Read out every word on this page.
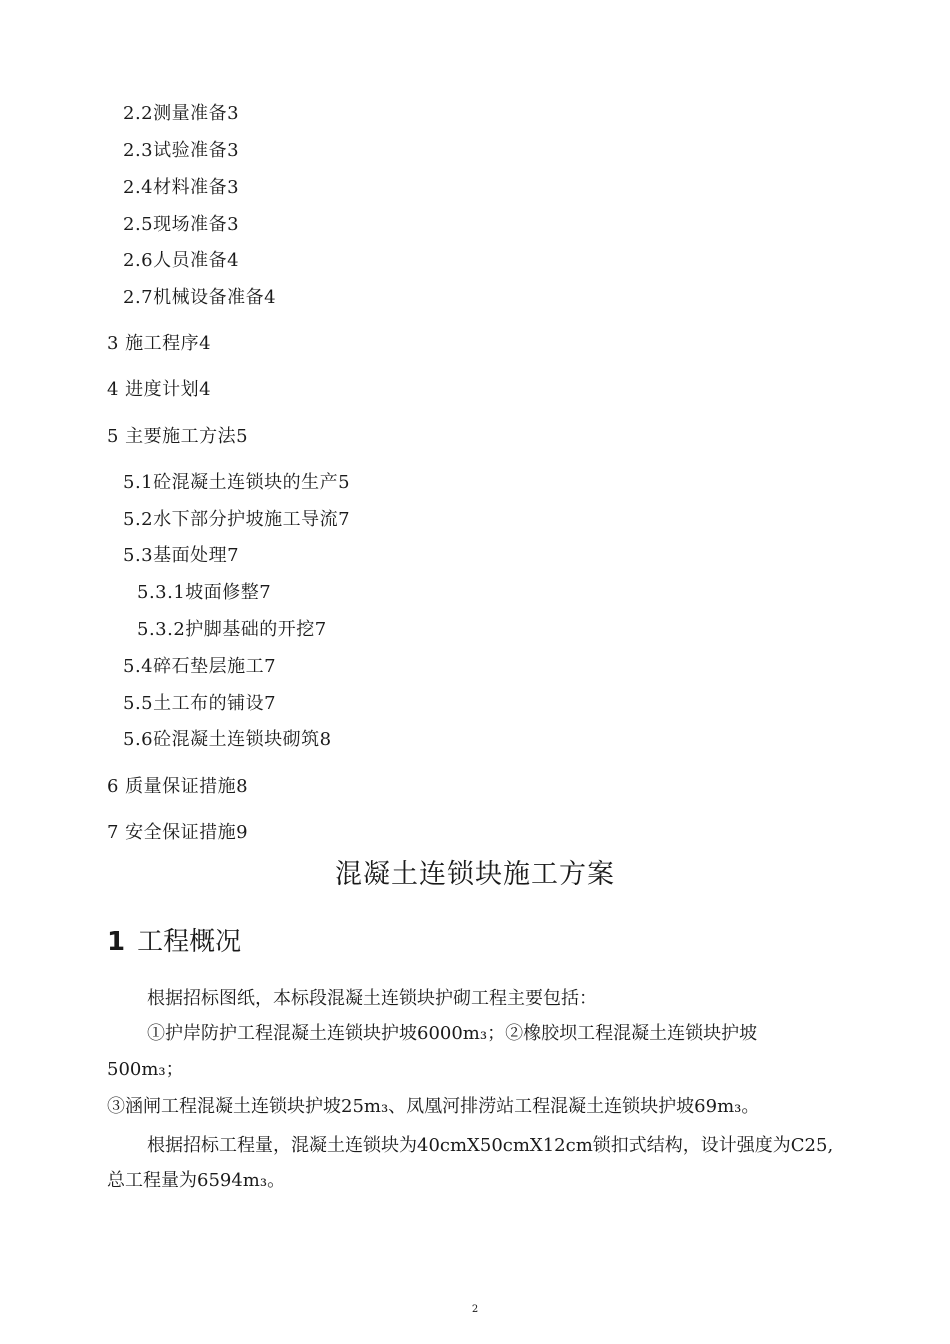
2.2测量准备3
2.3试验准备3
2.4材料准备3
2.5现场准备3
2.6人员准备4
2.7机械设备准备4
3 施工程序4
4 进度计划4
5 主要施工方法5
5.1砼混凝土连锁块的生产5
5.2水下部分护坡施工导流7
5.3基面处理7
5.3.1坡面修整7
5.3.2护脚基础的开挖7
5.4碎石垫层施工7
5.5土工布的铺设7
5.6砼混凝土连锁块砌筑8
6 质量保证措施8
7 安全保证措施9
混凝土连锁块施工方案
1 工程概况
根据招标图纸，本标段混凝土连锁块护砌工程主要包括：
①护岸防护工程混凝土连锁块护坡6000m₃；②橡胶坝工程混凝土连锁块护坡
500m₃；
③涵闸工程混凝土连锁块护坡25m₃、凤凰河排涝站工程混凝土连锁块护坡69m₃。
根据招标工程量，混凝土连锁块为40cmX50cmX12cm锁扣式结构，设计强度为C25,
总工程量为6594m₃。
2
